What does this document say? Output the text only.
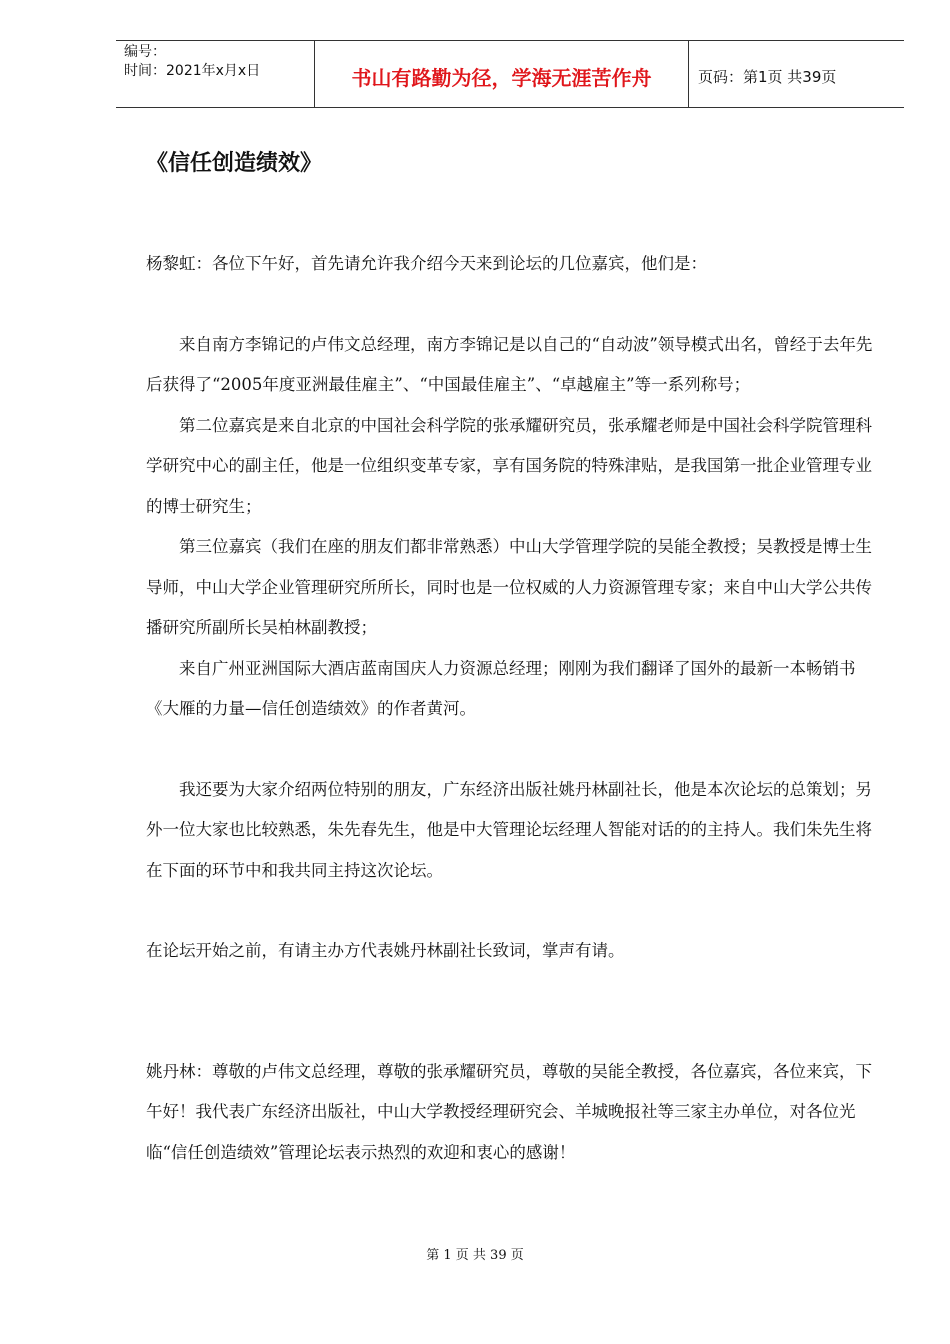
编号：
时间：2021年x月x日	书山有路勤为径，学海无涯苦作舟	页码：第1页 共39页
《信任创造绩效》

杨黎虹：各位下午好，首先请允许我介绍今天来到论坛的几位嘉宾，他们是：

来自南方李锦记的卢伟文总经理，南方李锦记是以自己的“自动波”领导模式出名，曾经于去年先后获得了“2005年度亚洲最佳雇主”、“中国最佳雇主”、“卓越雇主”等一系列称号；

第二位嘉宾是来自北京的中国社会科学院的张承耀研究员，张承耀老师是中国社会科学院管理科学研究中心的副主任，他是一位组织变革专家，享有国务院的特殊津贴，是我国第一批企业管理专业的博士研究生；

第三位嘉宾（我们在座的朋友们都非常熟悉）中山大学管理学院的吴能全教授；吴教授是博士生导师，中山大学企业管理研究所所长，同时也是一位权威的人力资源管理专家；来自中山大学公共传播研究所副所长吴柏林副教授；

来自广州亚洲国际大酒店蓝南国庆人力资源总经理；刚刚为我们翻译了国外的最新一本畅销书《大雁的力量—信任创造绩效》的作者黄河。

我还要为大家介绍两位特别的朋友，广东经济出版社姚丹林副社长，他是本次论坛的总策划；另外一位大家也比较熟悉，朱先春先生，他是中大管理论坛经理人智能对话的的主持人。我们朱先生将在下面的环节中和我共同主持这次论坛。

在论坛开始之前，有请主办方代表姚丹林副社长致词，掌声有请。

姚丹林：尊敬的卢伟文总经理，尊敬的张承耀研究员，尊敬的吴能全教授，各位嘉宾，各位来宾，下午好！我代表广东经济出版社，中山大学教授经理研究会、羊城晚报社等三家主办单位，对各位光临“信任创造绩效”管理论坛表示热烈的欢迎和衷心的感谢！

第 1 页 共 39 页
